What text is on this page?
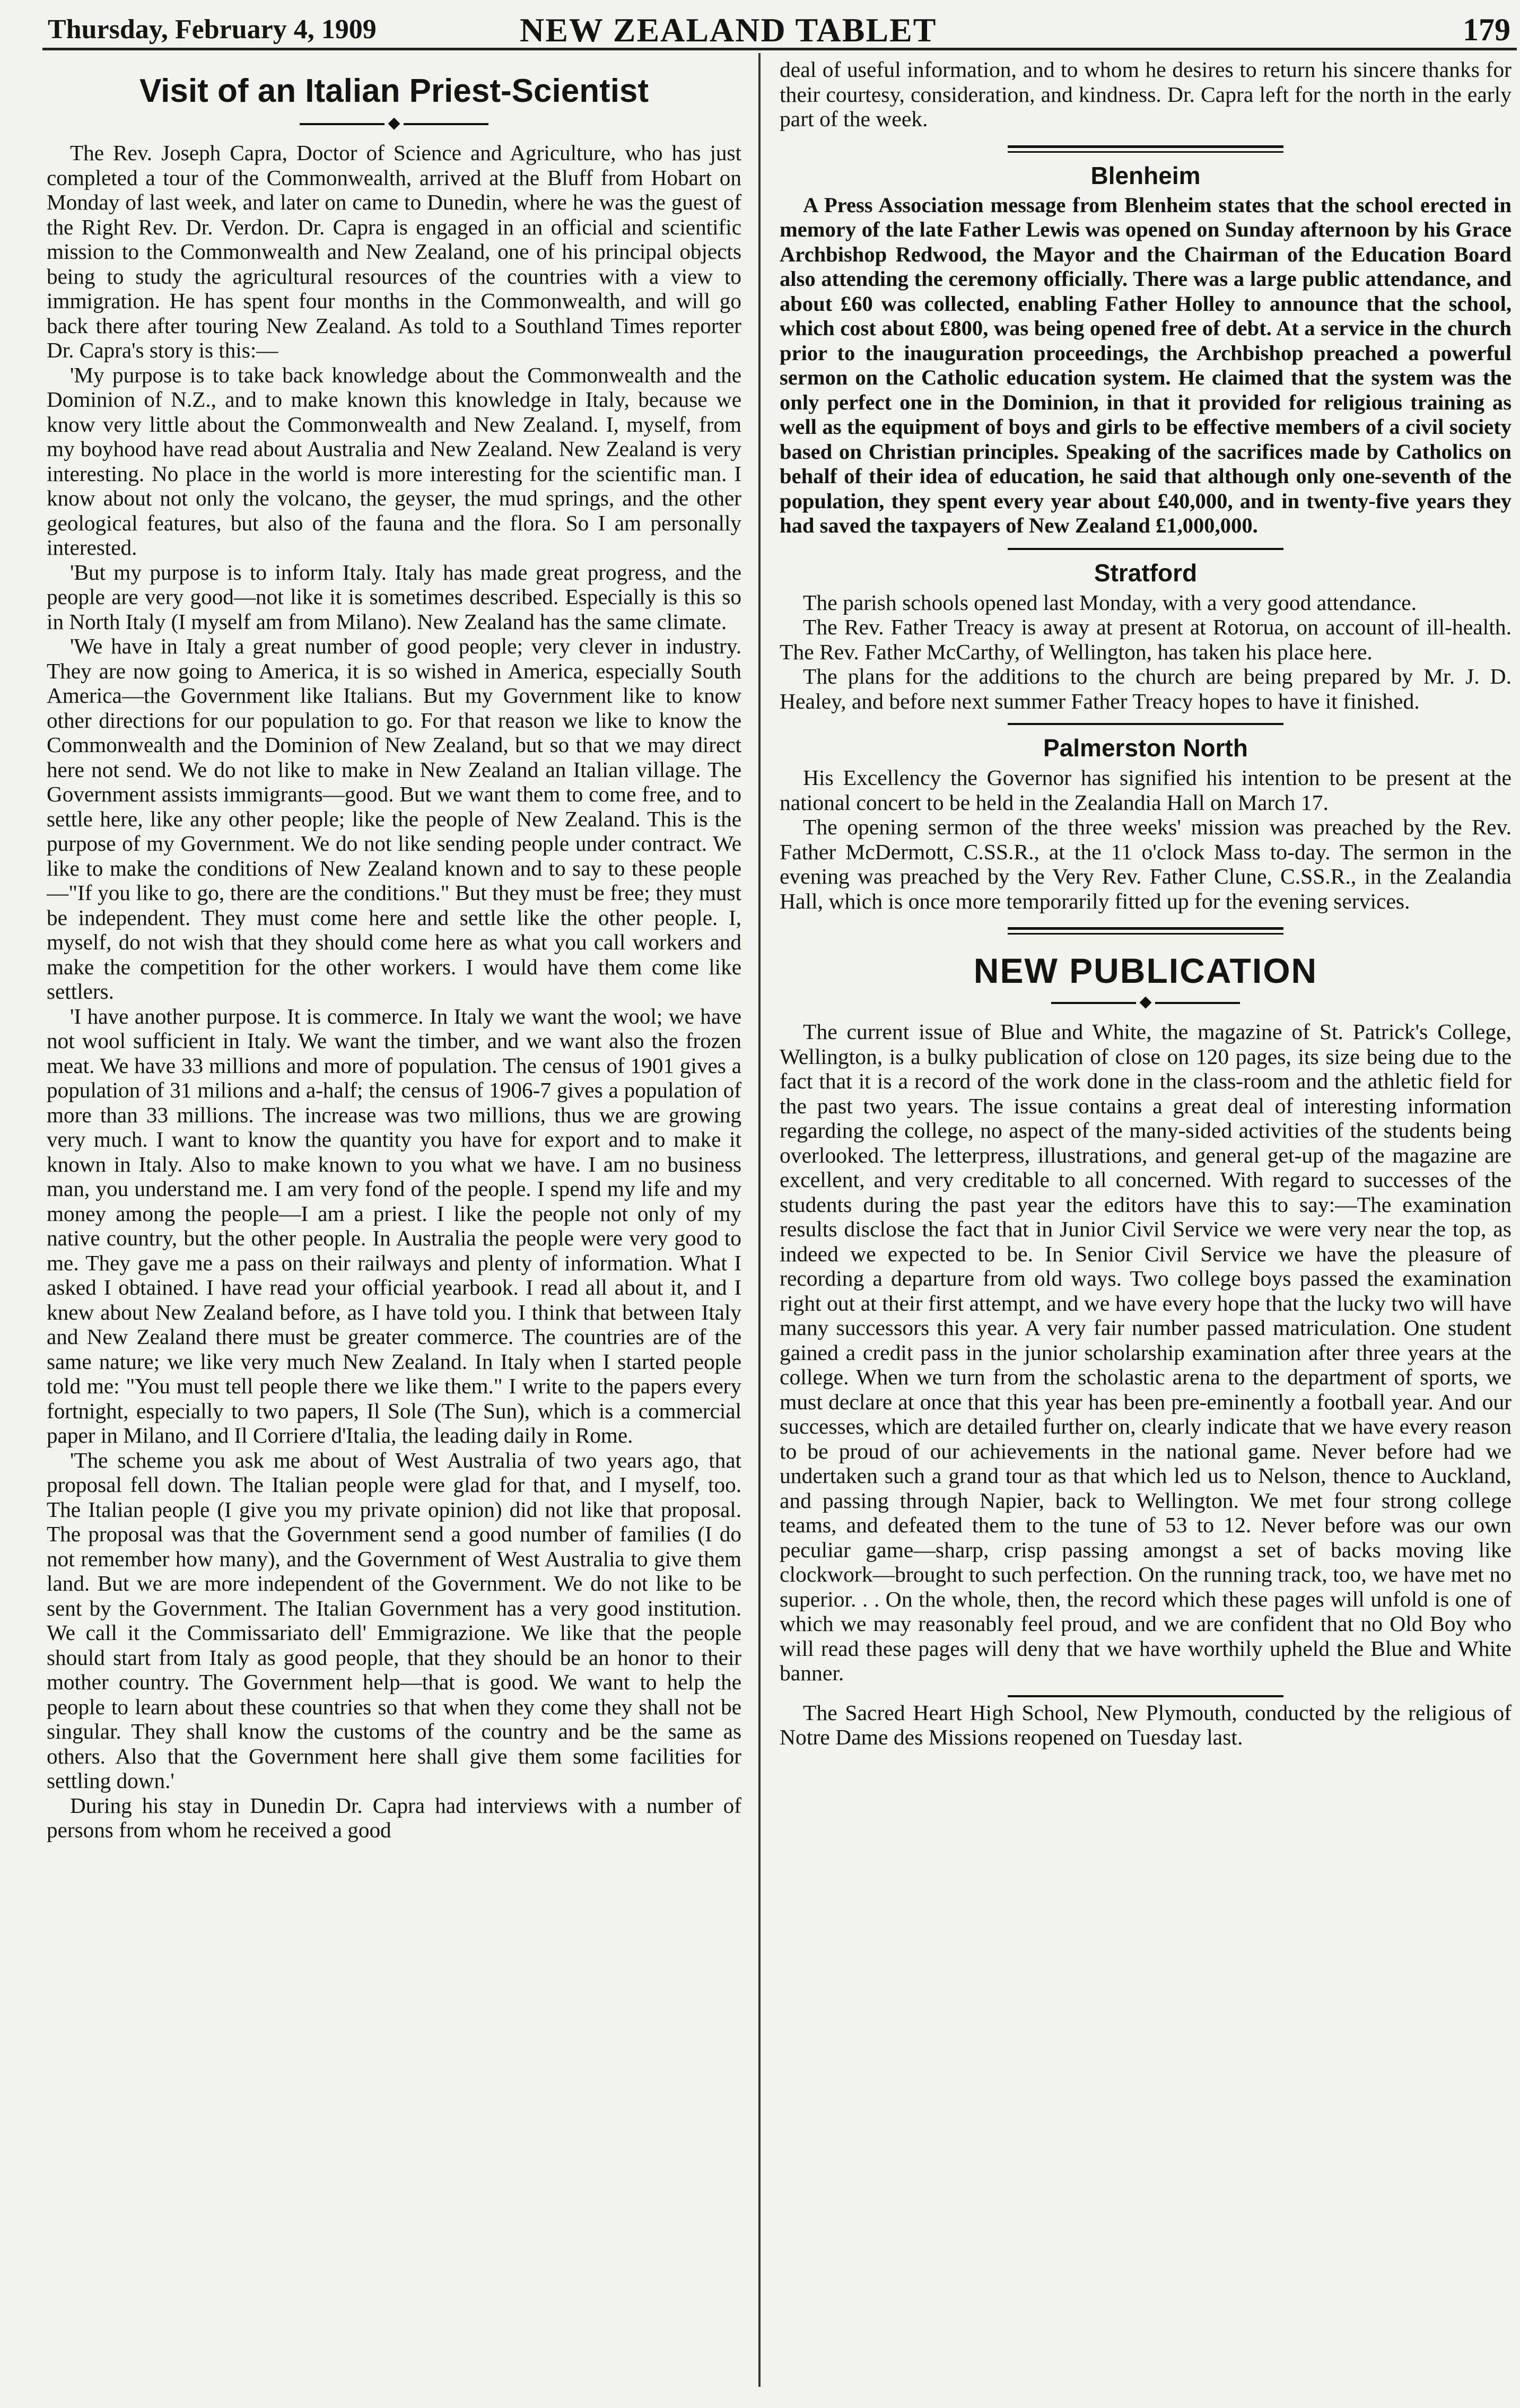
Thursday, February 4, 1909	NEW ZEALAND TABLET	179
Visit of an Italian Priest-Scientist
◆

The Rev. Joseph Capra, Doctor of Science and Agriculture, who has just completed a tour of the Commonwealth, arrived at the Bluff from Hobart on Monday of last week, and later on came to Dunedin, where he was the guest of the Right Rev. Dr. Verdon. Dr. Capra is engaged in an official and scientific mission to the Commonwealth and New Zealand, one of his principal objects being to study the agricultural resources of the countries with a view to immigration. He has spent four months in the Commonwealth, and will go back there after touring New Zealand. As told to a Southland Times reporter Dr. Capra's story is this:—

'My purpose is to take back knowledge about the Commonwealth and the Dominion of N.Z., and to make known this knowledge in Italy, because we know very little about the Commonwealth and New Zealand. I, myself, from my boyhood have read about Australia and New Zealand. New Zealand is very interesting. No place in the world is more interesting for the scientific man. I know about not only the volcano, the geyser, the mud springs, and the other geological features, but also of the fauna and the flora. So I am personally interested.

'But my purpose is to inform Italy. Italy has made great progress, and the people are very good—not like it is sometimes described. Especially is this so in North Italy (I myself am from Milano). New Zealand has the same climate.

'We have in Italy a great number of good people; very clever in industry. They are now going to America, it is so wished in America, especially South America—the Government like Italians. But my Government like to know other directions for our population to go. For that reason we like to know the Commonwealth and the Dominion of New Zealand, but so that we may direct here not send. We do not like to make in New Zealand an Italian village. The Government assists immigrants—good. But we want them to come free, and to settle here, like any other people; like the people of New Zealand. This is the purpose of my Government. We do not like sending people under contract. We like to make the conditions of New Zealand known and to say to these people—"If you like to go, there are the conditions." But they must be free; they must be independent. They must come here and settle like the other people. I, myself, do not wish that they should come here as what you call workers and make the competition for the other workers. I would have them come like settlers.

'I have another purpose. It is commerce. In Italy we want the wool; we have not wool sufficient in Italy. We want the timber, and we want also the frozen meat. We have 33 millions and more of population. The census of 1901 gives a population of 31 milions and a-half; the census of 1906-7 gives a population of more than 33 millions. The increase was two millions, thus we are growing very much. I want to know the quantity you have for export and to make it known in Italy. Also to make known to you what we have. I am no business man, you understand me. I am very fond of the people. I spend my life and my money among the people—I am a priest. I like the people not only of my native country, but the other people. In Australia the people were very good to me. They gave me a pass on their railways and plenty of information. What I asked I obtained. I have read your official yearbook. I read all about it, and I knew about New Zealand before, as I have told you. I think that between Italy and New Zealand there must be greater commerce. The countries are of the same nature; we like very much New Zealand. In Italy when I started people told me: "You must tell people there we like them." I write to the papers every fortnight, especially to two papers, Il Sole (The Sun), which is a commercial paper in Milano, and Il Corriere d'Italia, the leading daily in Rome.

'The scheme you ask me about of West Australia of two years ago, that proposal fell down. The Italian people were glad for that, and I myself, too. The Italian people (I give you my private opinion) did not like that proposal. The proposal was that the Government send a good number of families (I do not remember how many), and the Government of West Australia to give them land. But we are more independent of the Government. We do not like to be sent by the Government. The Italian Government has a very good institution. We call it the Commissariato dell' Emmigrazione. We like that the people should start from Italy as good people, that they should be an honor to their mother country. The Government help—that is good. We want to help the people to learn about these countries so that when they come they shall not be singular. They shall know the customs of the country and be the same as others. Also that the Government here shall give them some facilities for settling down.'

During his stay in Dunedin Dr. Capra had interviews with a number of persons from whom he received a good

deal of useful information, and to whom he desires to return his sincere thanks for their courtesy, consideration, and kindness. Dr. Capra left for the north in the early part of the week.

Blenheim

A Press Association message from Blenheim states that the school erected in memory of the late Father Lewis was opened on Sunday afternoon by his Grace Archbishop Redwood, the Mayor and the Chairman of the Education Board also attending the ceremony officially. There was a large public attendance, and about £60 was collected, enabling Father Holley to announce that the school, which cost about £800, was being opened free of debt. At a service in the church prior to the inauguration proceedings, the Archbishop preached a powerful sermon on the Catholic education system. He claimed that the system was the only perfect one in the Dominion, in that it provided for religious training as well as the equipment of boys and girls to be effective members of a civil society based on Christian principles. Speaking of the sacrifices made by Catholics on behalf of their idea of education, he said that although only one-seventh of the population, they spent every year about £40,000, and in twenty-five years they had saved the taxpayers of New Zealand £1,000,000.

Stratford

The parish schools opened last Monday, with a very good attendance.

The Rev. Father Treacy is away at present at Rotorua, on account of ill-health. The Rev. Father McCarthy, of Wellington, has taken his place here.

The plans for the additions to the church are being prepared by Mr. J. D. Healey, and before next summer Father Treacy hopes to have it finished.

Palmerston North

His Excellency the Governor has signified his intention to be present at the national concert to be held in the Zealandia Hall on March 17.

The opening sermon of the three weeks' mission was preached by the Rev. Father McDermott, C.SS.R., at the 11 o'clock Mass to-day. The sermon in the evening was preached by the Very Rev. Father Clune, C.SS.R., in the Zealandia Hall, which is once more temporarily fitted up for the evening services.

NEW PUBLICATION
◆

The current issue of Blue and White, the magazine of St. Patrick's College, Wellington, is a bulky publication of close on 120 pages, its size being due to the fact that it is a record of the work done in the class-room and the athletic field for the past two years. The issue contains a great deal of interesting information regarding the college, no aspect of the many-sided activities of the students being overlooked. The letterpress, illustrations, and general get-up of the magazine are excellent, and very creditable to all concerned. With regard to successes of the students during the past year the editors have this to say:—The examination results disclose the fact that in Junior Civil Service we were very near the top, as indeed we expected to be. In Senior Civil Service we have the pleasure of recording a departure from old ways. Two college boys passed the examination right out at their first attempt, and we have every hope that the lucky two will have many successors this year. A very fair number passed matriculation. One student gained a credit pass in the junior scholarship examination after three years at the college. When we turn from the scholastic arena to the department of sports, we must declare at once that this year has been pre-eminently a football year. And our successes, which are detailed further on, clearly indicate that we have every reason to be proud of our achievements in the national game. Never before had we undertaken such a grand tour as that which led us to Nelson, thence to Auckland, and passing through Napier, back to Wellington. We met four strong college teams, and defeated them to the tune of 53 to 12. Never before was our own peculiar game—sharp, crisp passing amongst a set of backs moving like clockwork—brought to such perfection. On the running track, too, we have met no superior. . . On the whole, then, the record which these pages will unfold is one of which we may reasonably feel proud, and we are confident that no Old Boy who will read these pages will deny that we have worthily upheld the Blue and White banner.

The Sacred Heart High School, New Plymouth, conducted by the religious of Notre Dame des Missions reopened on Tuesday last.
